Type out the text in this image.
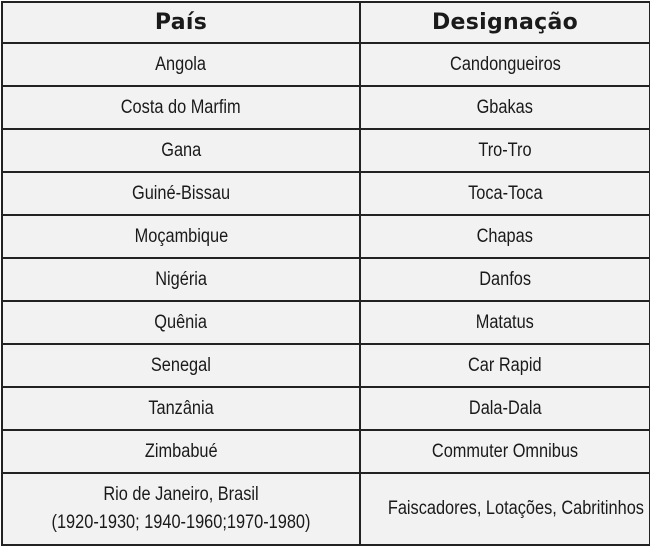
País	Designação
Angola	Candongueiros
Costa do Marfim	Gbakas
Gana	Tro-Tro
Guiné-Bissau	Toca-Toca
Moçambique	Chapas
Nigéria	Danfos
Quênia	Matatus
Senegal	Car Rapid
Tanzânia	Dala-Dala
Zimbabué	Commuter Omnibus

Rio de Janeiro, Brasil
(1920-1930; 1940-1960;1970-1980)	Faiscadores, Lotações, Cabritinhos
